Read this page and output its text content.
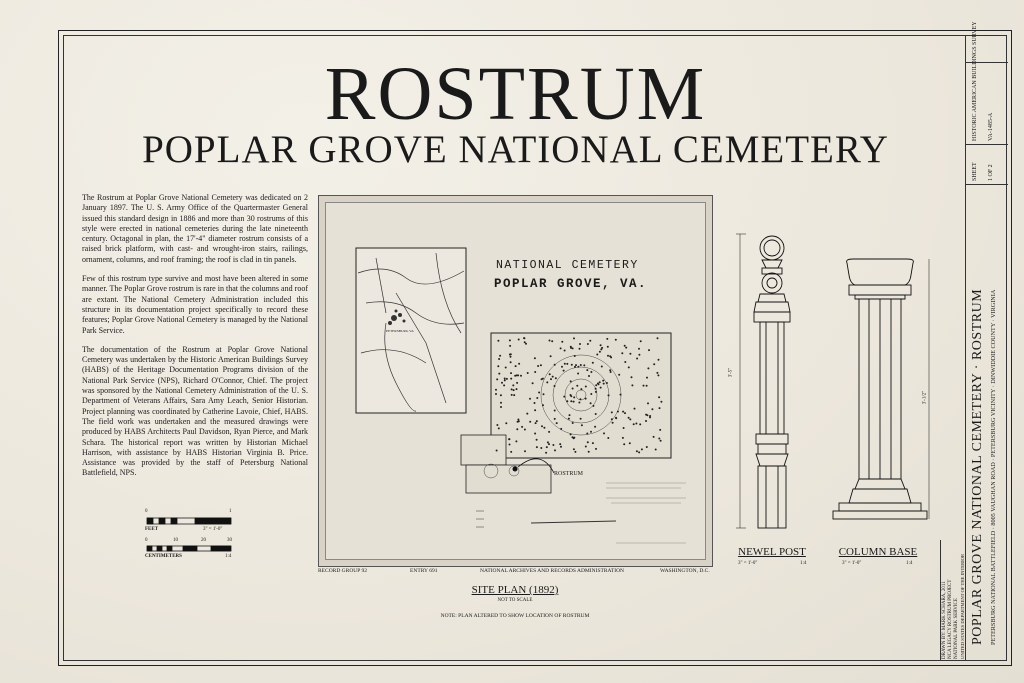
ROSTRUM
POPLAR GROVE NATIONAL CEMETERY

The Rostrum at Poplar Grove National Cemetery was dedicated on 2 January 1897. The U. S. Army Office of the Quartermaster General issued this standard design in 1886 and more than 30 rostrums of this style were erected in national cemeteries during the late nineteenth century. Octagonal in plan, the 17'-4" diameter rostrum consists of a raised brick platform, with cast- and wrought-iron stairs, railings, ornament, columns, and roof framing; the roof is clad in tin panels.

Few of this rostrum type survive and most have been altered in some manner. The Poplar Grove rostrum is rare in that the columns and roof are extant. The National Cemetery Administration included this structure in its documentation project specifically to record these features; Poplar Grove National Cemetery is managed by the National Park Service.

The documentation of the Rostrum at Poplar Grove National Cemetery was undertaken by the Historic American Buildings Survey (HABS) of the Heritage Documentation Programs division of the National Park Service (NPS), Richard O'Connor, Chief. The project was sponsored by the National Cemetery Administration of the U. S. Department of Veterans Affairs, Sara Amy Leach, Senior Historian. Project planning was coordinated by Catherine Lavoie, Chief, HABS. The field work was undertaken and the measured drawings were produced by HABS Architects Paul Davidson, Ryan Pierce, and Mark Schara. The historical report was written by Historian Michael Harrison, with assistance by HABS Historian Virginia B. Price. Assistance was provided by the staff of Petersburg National Battlefield, NPS.

0	1
FEET	3" = 1'-0"
0	10	20	30
CENTIMETERS	1:4
NATIONAL CEMETERY
POPLAR GROVE, VA.
ROSTRUM
PETERSBURG VA
RECORD GROUP 92	ENTRY 691	NATIONAL ARCHIVES AND RECORDS ADMINISTRATION	WASHINGTON, D.C.
SITE PLAN (1892)
NOT TO SCALE
NOTE: PLAN ALTERED TO SHOW LOCATION OF ROSTRUM
3'-5"
NEWEL POST
3" = 1'-0"	1:4
3'-1/2"
COLUMN BASE
3" = 1'-0"	1:4
DRAWN BY: MARK SCHARA, 2011 NCA LEGACY ROSTRUM PROJECT NATIONAL PARK SERVICE UNITED STATES DEPARTMENT OF THE INTERIOR
HISTORIC AMERICAN BUILDINGS SURVEY VA-1485-A
SHEET 1 OF 2
POPLAR GROVE NATIONAL CEMETERY · ROSTRUM PETERSBURG NATIONAL BATTLEFIELD · 8005 VAUGHAN ROAD · PETERSBURG VICINITY · DINWIDDIE COUNTY · VIRGINIA
